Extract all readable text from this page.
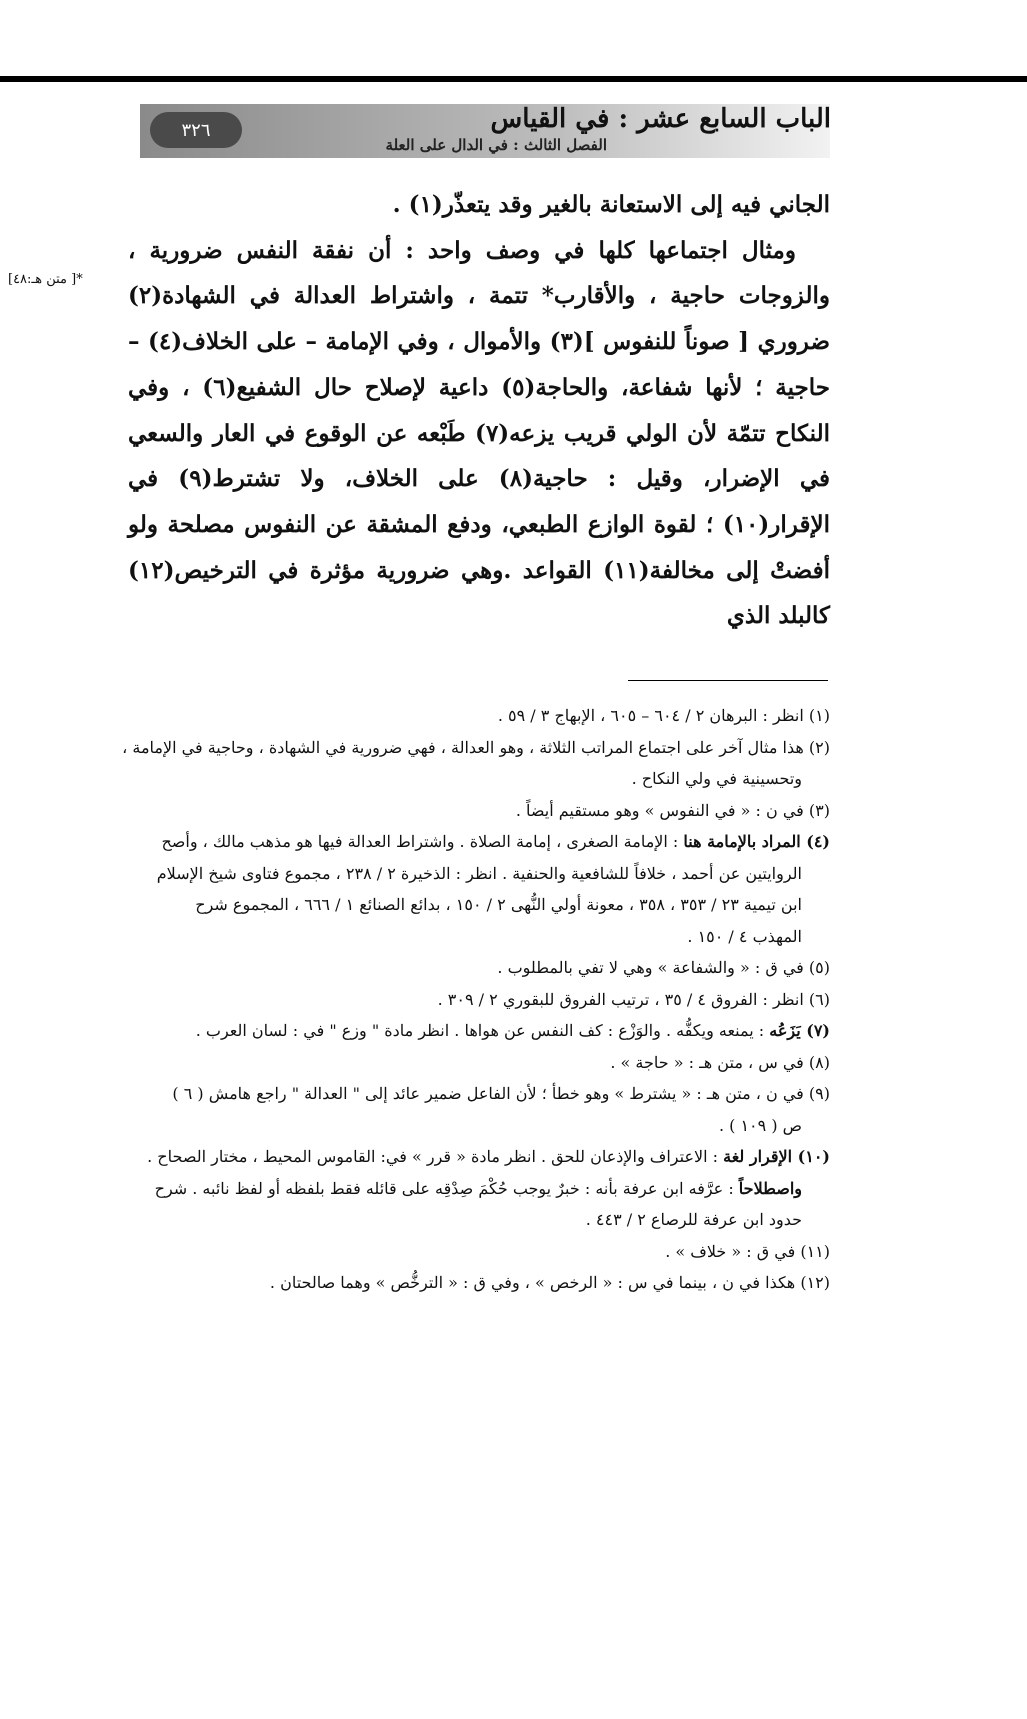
٣٢٦	الباب السابع عشر : في القياس
الفصل الثالث : في الدال على العلة
*[ متن هـ:٤٨]

الجاني فيه إلى الاستعانة بالغير وقد يتعذّر(١) .

ومثال اجتماعها كلها في وصف واحد : أن نفقة النفس ضرورية ، والزوجات حاجية ، والأقارب* تتمة ، واشتراط العدالة في الشهادة(٢) ضروري [ صوناً للنفوس ](٣) والأموال ، وفي الإمامة – على الخلاف(٤) – حاجية ؛ لأنها شفاعة، والحاجة(٥) داعية لإصلاح حال الشفيع(٦) ، وفي النكاح تتمّة لأن الولي قريب يزعه(٧) طَبْعه عن الوقوع في العار والسعي في الإضرار، وقيل : حاجية(٨) على الخلاف، ولا تشترط(٩) في الإقرار(١٠) ؛ لقوة الوازع الطبعي، ودفع المشقة عن النفوس مصلحة ولو أفضتْ إلى مخالفة(١١) القواعد .وهي ضرورية مؤثرة في الترخيص(١٢) كالبلد الذي

(١) انظر : البرهان ٢ / ٦٠٤ – ٦٠٥ ، الإبهاج ٣ / ٥٩ .

(٢) هذا مثال آخر على اجتماع المراتب الثلاثة ، وهو العدالة ، فهي ضرورية في الشهادة ، وحاجية في الإمامة ،

وتحسينية في ولي النكاح .

(٣) في ن : « في النفوس » وهو مستقيم أيضاً .

(٤) المراد بالإمامة هنا : الإمامة الصغرى ، إمامة الصلاة . واشتراط العدالة فيها هو مذهب مالك ، وأصح

الروايتين عن أحمد ، خلافاً للشافعية والحنفية . انظر : الذخيرة ٢ / ٢٣٨ ، مجموع فتاوى شيخ الإسلام

ابن تيمية ٢٣ / ٣٥٣ ، ٣٥٨ ، معونة أولي النُّهى ٢ / ١٥٠ ، بدائع الصنائع ١ / ٦٦٦ ، المجموع شرح

المهذب ٤ / ١٥٠ .

(٥) في ق : « والشفاعة » وهي لا تفي بالمطلوب .

(٦) انظر : الفروق ٤ / ٣٥ ، ترتيب الفروق للبقوري ٢ / ٣٠٩ .

(٧) يَزَعُه : يمنعه ويكفُّه . والوَزْع : كف النفس عن هواها . انظر مادة " وزع " في : لسان العرب .

(٨) في س ، متن هـ : « حاجة » .

(٩) في ن ، متن هـ : « يشترط » وهو خطأ ؛ لأن الفاعل ضمير عائد إلى " العدالة " راجع هامش ( ٦ )

ص ( ١٠٩ ) .

(١٠) الإقرار لغة : الاعتراف والإذعان للحق . انظر مادة « قرر » في: القاموس المحيط ، مختار الصحاح .

واصطلاحاً : عرَّفه ابن عرفة بأنه : خبرٌ يوجب حُكْمَ صِدْقِه على قائله فقط بلفظه أو لفظ نائبه . شرح

حدود ابن عرفة للرصاع ٢ / ٤٤٣ .

(١١) في ق : « خلاف » .

(١٢) هكذا في ن ، بينما في س : « الرخص » ، وفي ق : « الترخُّص » وهما صالحتان .
